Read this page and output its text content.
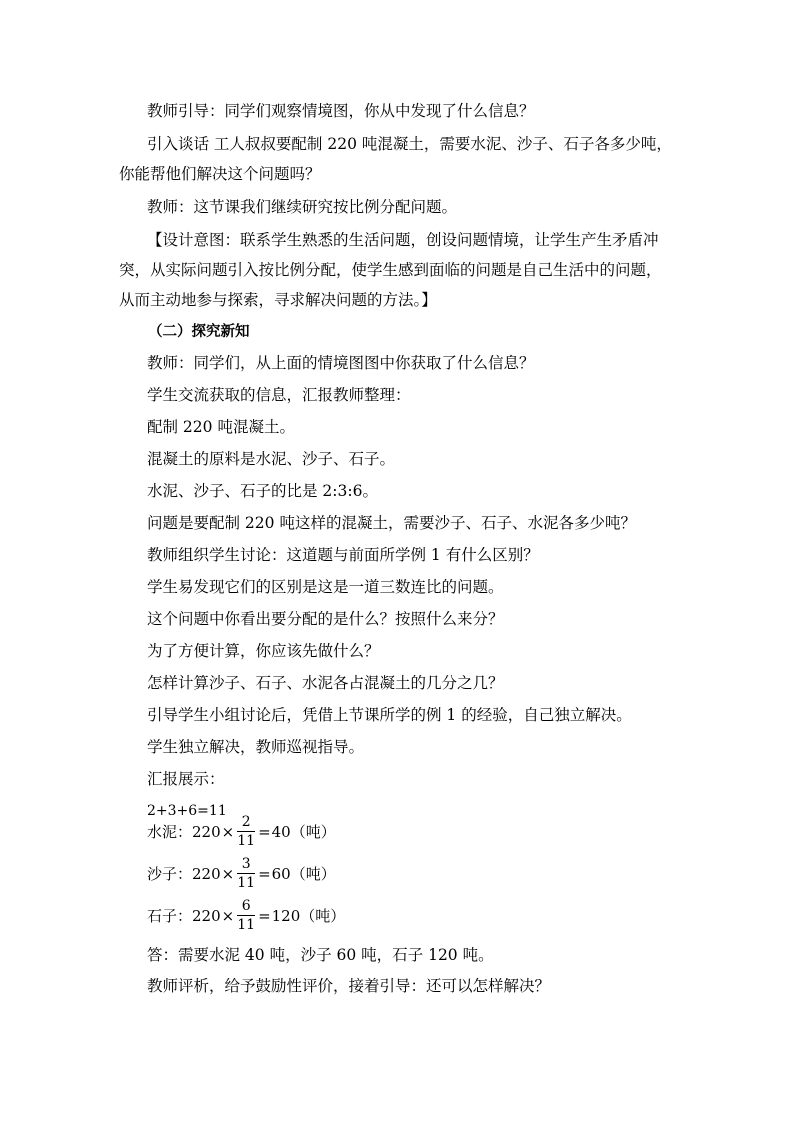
教师引导：同学们观察情境图，你从中发现了什么信息？
引入谈话 工人叔叔要配制 220 吨混凝土，需要水泥、沙子、石子各多少吨，
你能帮他们解决这个问题吗？
教师：这节课我们继续研究按比例分配问题。
【设计意图：联系学生熟悉的生活问题，创设问题情境，让学生产生矛盾冲
突，从实际问题引入按比例分配，使学生感到面临的问题是自己生活中的问题，
从而主动地参与探索，寻求解决问题的方法。】
（二）探究新知
教师：同学们，从上面的情境图图中你获取了什么信息？
学生交流获取的信息，汇报教师整理：
配制 220 吨混凝土。
混凝土的原料是水泥、沙子、石子。
水泥、沙子、石子的比是 2:3:6。
问题是要配制 220 吨这样的混凝土，需要沙子、石子、水泥各多少吨？
教师组织学生讨论：这道题与前面所学例 1 有什么区别？
学生易发现它们的区别是这是一道三数连比的问题。
这个问题中你看出要分配的是什么？按照什么来分？
为了方便计算，你应该先做什么？
怎样计算沙子、石子、水泥各占混凝土的几分之几？
引导学生小组讨论后，凭借上节课所学的例 1 的经验，自己独立解决。
学生独立解决，教师巡视指导。
汇报展示：
2+3+6=11
水泥： $220 \times \frac{2}{11} = 40$（吨）
沙子： $220 \times \frac{3}{11} = 60$（吨）
石子： $220 \times \frac{6}{11} = 120$（吨）
答：需要水泥 40 吨，沙子 60 吨，石子 120 吨。
教师评析，给予鼓励性评价，接着引导：还可以怎样解决？
